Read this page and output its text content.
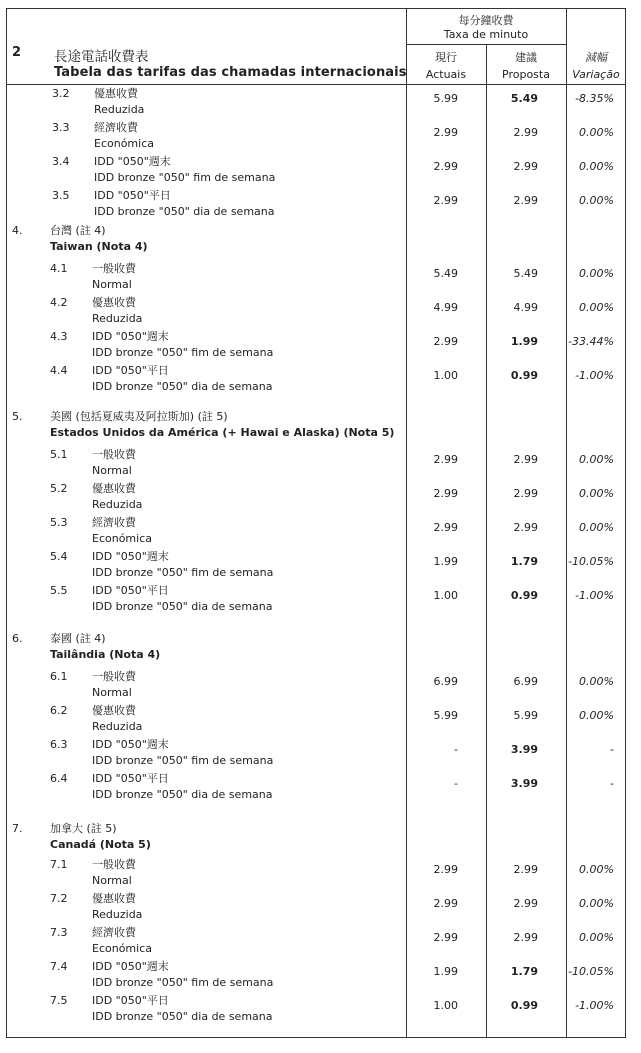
2 長途電話收費表
Tabela das tarifas das chamadas internacionais
每分鐘收費
Taxa de minuto
現行
Actuais
建議
Proposta
減幅
Variação
3.2 優惠收費
Reduzida
5.99	5.49	-8.35%
3.3 經濟收費
Económica
2.99	2.99	0.00%
3.4 IDD "050"週末
IDD bronze "050" fim de semana
2.99	2.99	0.00%
3.5 IDD "050"平日
IDD bronze "050" dia de semana
2.99	2.99	0.00%
4.	台灣 (註 4)
Taiwan (Nota 4)
4.1 一般收費
Normal
5.49	5.49	0.00%
4.2 優惠收費
Reduzida
4.99	4.99	0.00%
4.3 IDD "050"週末
IDD bronze "050" fim de semana
2.99	1.99	-33.44%
4.4 IDD "050"平日
IDD bronze "050" dia de semana
1.00	0.99	-1.00%
5.	美國 (包括夏威夷及阿拉斯加) (註 5)
Estados Unidos da América (+ Hawai e Alaska) (Nota 5)
5.1 一般收費
Normal
2.99	2.99	0.00%
5.2 優惠收費
Reduzida
2.99	2.99	0.00%
5.3 經濟收費
Económica
2.99	2.99	0.00%
5.4 IDD "050"週末
IDD bronze "050" fim de semana
1.99	1.79	-10.05%
5.5 IDD "050"平日
IDD bronze "050" dia de semana
1.00	0.99	-1.00%
6.	泰國 (註 4)
Tailândia (Nota 4)
6.1 一般收費
Normal
6.99	6.99	0.00%
6.2 優惠收費
Reduzida
5.99	5.99	0.00%
6.3 IDD "050"週末
IDD bronze "050" fim de semana
-	3.99	-
6.4 IDD "050"平日
IDD bronze "050" dia de semana
-	3.99	-
7.	加拿大 (註 5)
Canadá (Nota 5)
7.1 一般收費
Normal
2.99	2.99	0.00%
7.2 優惠收費
Reduzida
2.99	2.99	0.00%
7.3 經濟收費
Económica
2.99	2.99	0.00%
7.4 IDD "050"週末
IDD bronze "050" fim de semana
1.99	1.79	-10.05%
7.5 IDD "050"平日
IDD bronze "050" dia de semana
1.00	0.99	-1.00%
